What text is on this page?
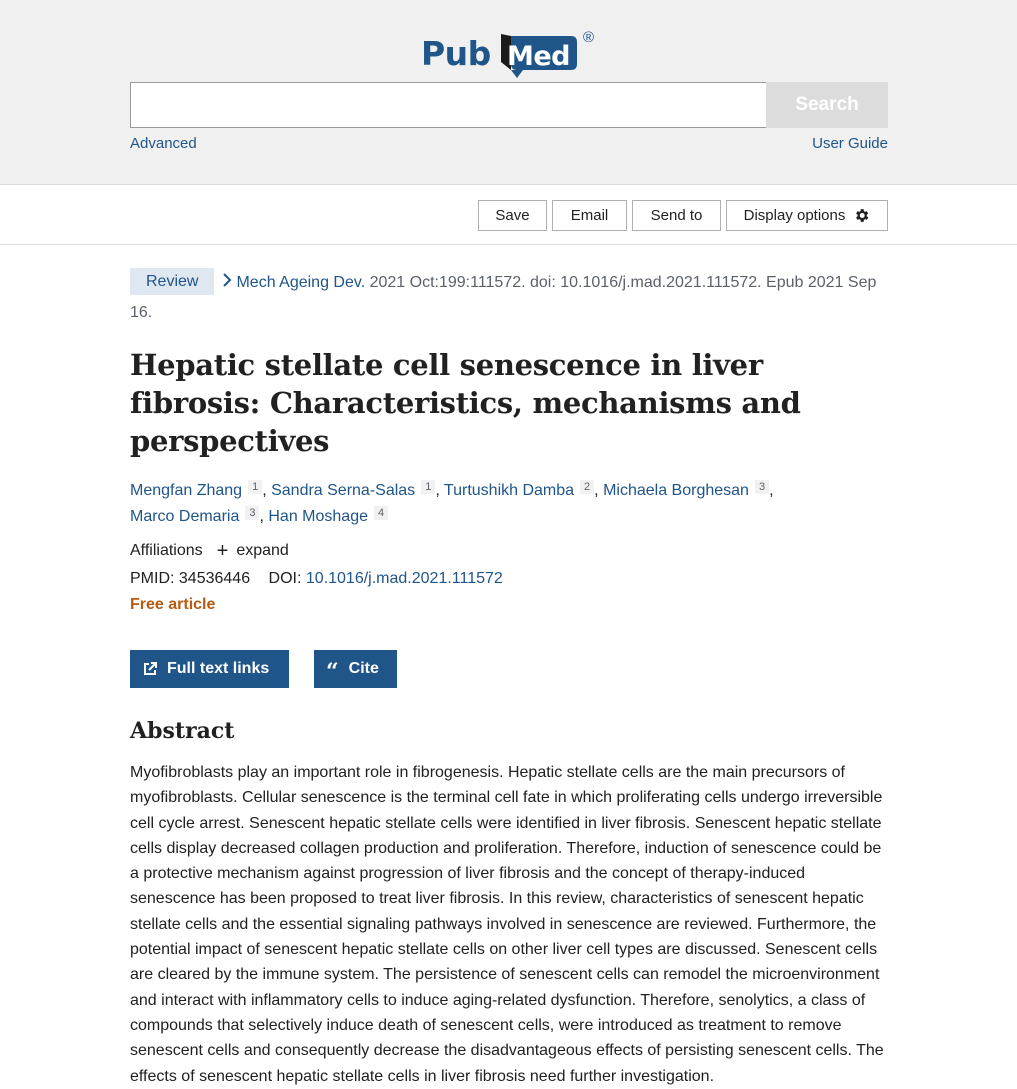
Pub Med
®
Search
Advanced	User Guide
Save	Email	Send to	Display options
Review Mech Ageing Dev. 2021 Oct:199:111572. doi: 10.1016/j.mad.2021.111572. Epub 2021 Sep 16.
Hepatic stellate cell senescence in liver fibrosis: Characteristics, mechanisms and perspectives
Mengfan Zhang 1 , Sandra Serna-Salas 1 , Turtushikh Damba 2 , Michaela Borghesan 3 ,
Marco Demaria 3 , Han Moshage 4
Affiliations + expand
PMID: 34536446 DOI: 10.1016/j.mad.2021.111572
Free article
Full text links	“ Cite
Abstract

Myofibroblasts play an important role in fibrogenesis. Hepatic stellate cells are the main precursors of myofibroblasts. Cellular senescence is the terminal cell fate in which proliferating cells undergo irreversible cell cycle arrest. Senescent hepatic stellate cells were identified in liver fibrosis. Senescent hepatic stellate cells display decreased collagen production and proliferation. Therefore, induction of senescence could be a protective mechanism against progression of liver fibrosis and the concept of therapy-induced senescence has been proposed to treat liver fibrosis. In this review, characteristics of senescent hepatic stellate cells and the essential signaling pathways involved in senescence are reviewed. Furthermore, the potential impact of senescent hepatic stellate cells on other liver cell types are discussed. Senescent cells are cleared by the immune system. The persistence of senescent cells can remodel the microenvironment and interact with inflammatory cells to induce aging-related dysfunction. Therefore, senolytics, a class of compounds that selectively induce death of senescent cells, were introduced as treatment to remove senescent cells and consequently decrease the disadvantageous effects of persisting senescent cells. The effects of senescent hepatic stellate cells in liver fibrosis need further investigation.
